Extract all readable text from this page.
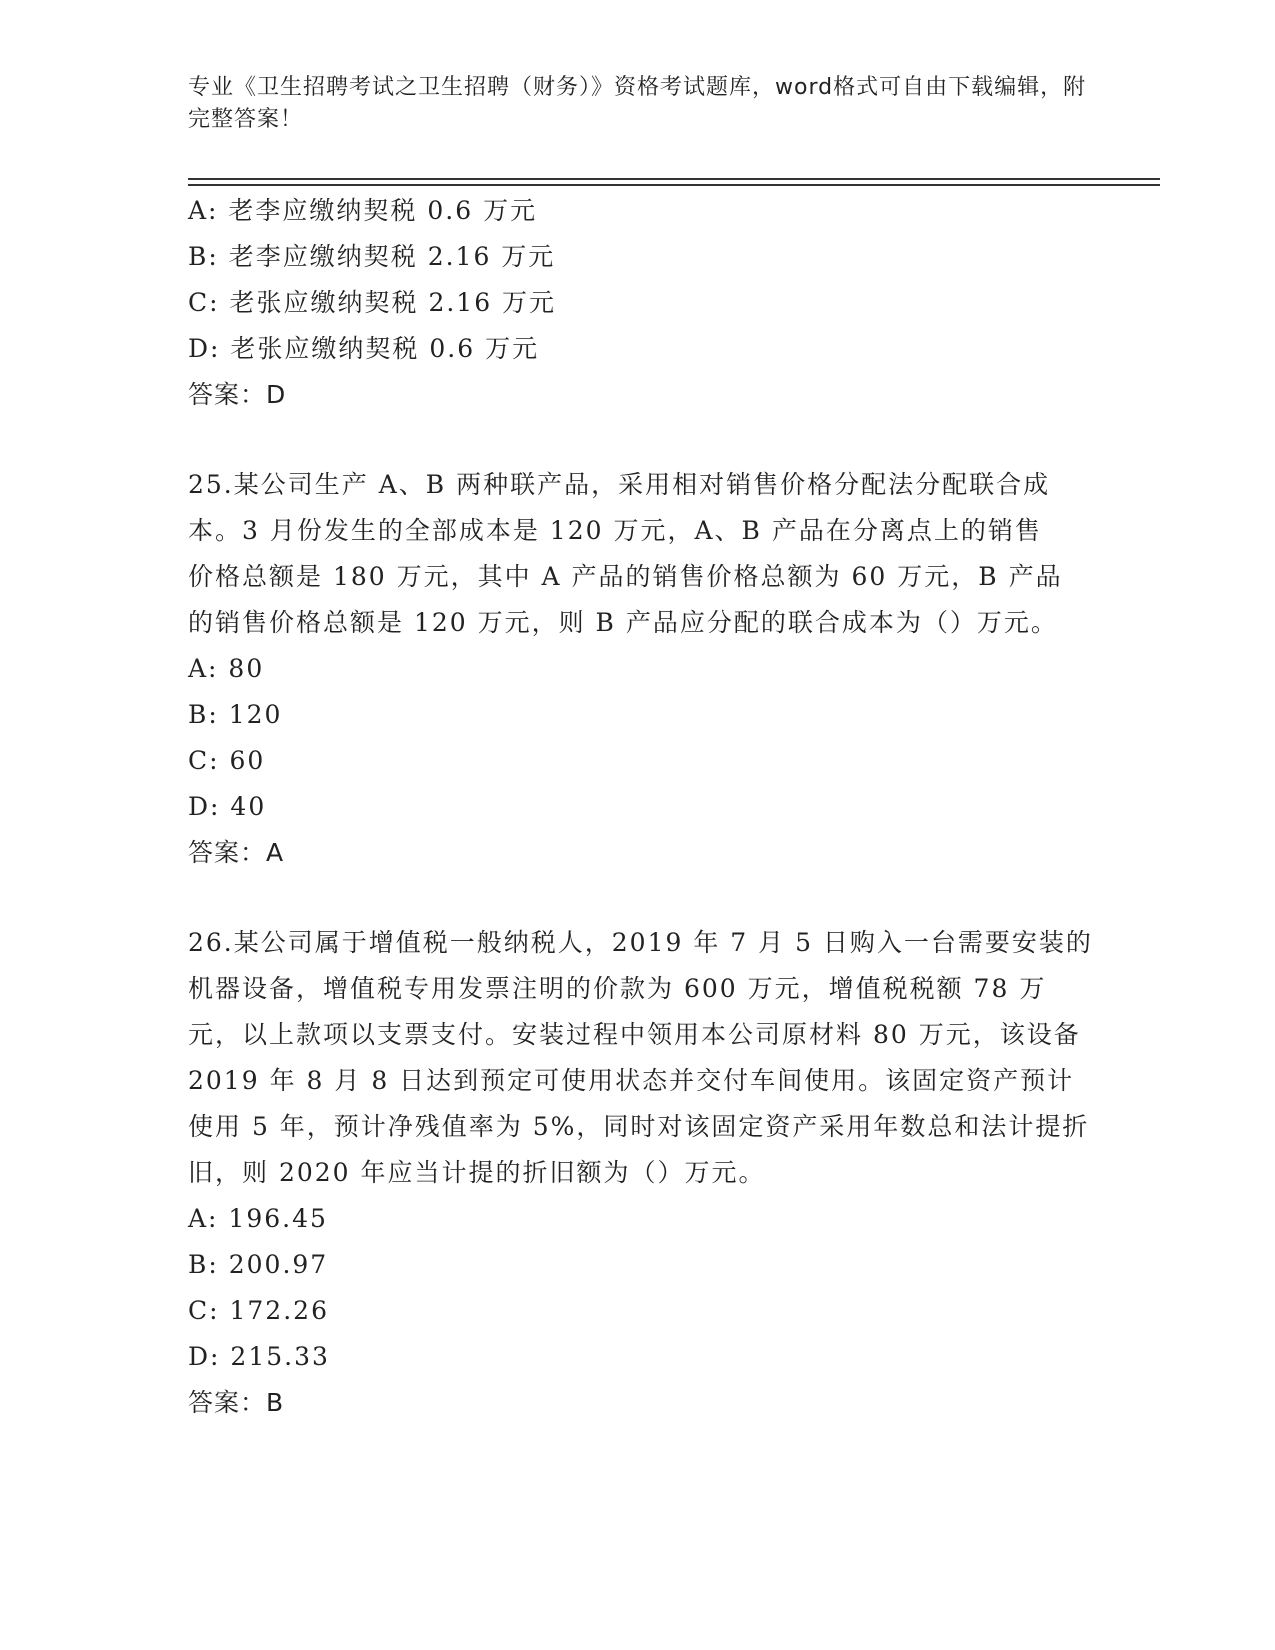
专业《卫生招聘考试之卫生招聘（财务）》资格考试题库，word格式可自由下载编辑，附完整答案！
A: 老李应缴纳契税 0.6 万元
B: 老李应缴纳契税 2.16 万元
C: 老张应缴纳契税 2.16 万元
D: 老张应缴纳契税 0.6 万元
答案：D
25.某公司生产 A、B 两种联产品，采用相对销售价格分配法分配联合成本。3 月份发生的全部成本是 120 万元，A、B 产品在分离点上的销售价格总额是 180 万元，其中 A 产品的销售价格总额为 60 万元，B 产品的销售价格总额是 120 万元，则 B 产品应分配的联合成本为（）万元。
A: 80
B: 120
C: 60
D: 40
答案：A
26.某公司属于增值税一般纳税人，2019 年 7 月 5 日购入一台需要安装的机器设备，增值税专用发票注明的价款为 600 万元，增值税税额 78 万元，以上款项以支票支付。安装过程中领用本公司原材料 80 万元，该设备 2019 年 8 月 8 日达到预定可使用状态并交付车间使用。该固定资产预计使用 5 年，预计净残值率为 5%，同时对该固定资产采用年数总和法计提折旧，则 2020 年应当计提的折旧额为（）万元。
A: 196.45
B: 200.97
C: 172.26
D: 215.33
答案：B
